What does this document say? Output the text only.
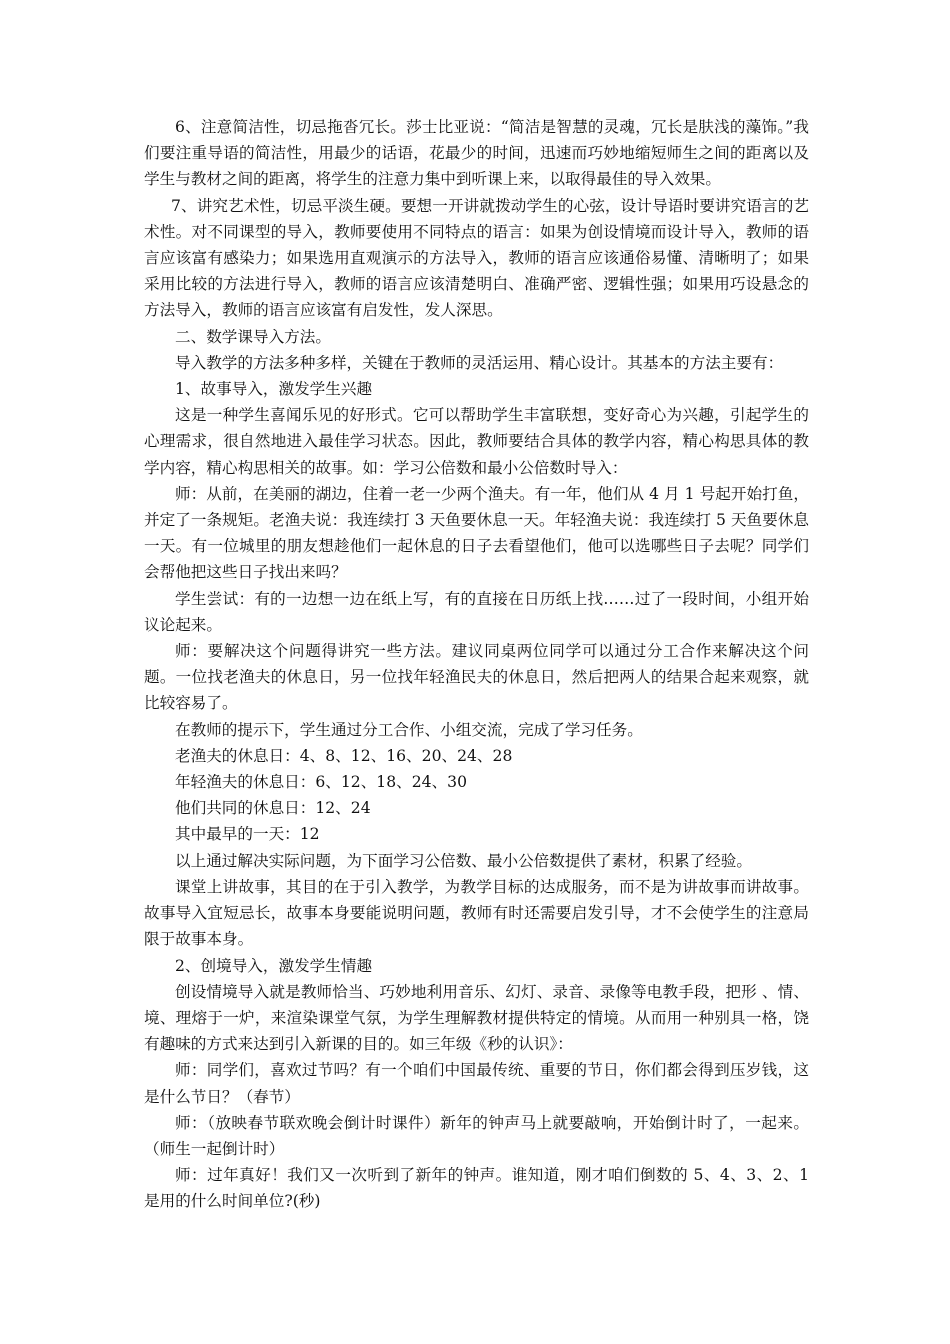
6、注意简洁性，切忌拖沓冗长。莎士比亚说：“简洁是智慧的灵魂，冗长是肤浅的藻饰。”我们要注重导语的简洁性，用最少的话语，花最少的时间，迅速而巧妙地缩短师生之间的距离以及学生与教材之间的距离，将学生的注意力集中到听课上来，以取得最佳的导入效果。

7、讲究艺术性，切忌平淡生硬。要想一开讲就拨动学生的心弦，设计导语时要讲究语言的艺术性。对不同课型的导入，教师要使用不同特点的语言：如果为创设情境而设计导入，教师的语言应该富有感染力；如果选用直观演示的方法导入，教师的语言应该通俗易懂、清晰明了；如果采用比较的方法进行导入，教师的语言应该清楚明白、准确严密、逻辑性强；如果用巧设悬念的方法导入，教师的语言应该富有启发性，发人深思。

二、数学课导入方法。

导入教学的方法多种多样，关键在于教师的灵活运用、精心设计。其基本的方法主要有：

1、故事导入，激发学生兴趣

这是一种学生喜闻乐见的好形式。它可以帮助学生丰富联想，变好奇心为兴趣，引起学生的心理需求，很自然地进入最佳学习状态。因此，教师要结合具体的教学内容，精心构思具体的教学内容，精心构思相关的故事。如：学习公倍数和最小公倍数时导入：

师：从前，在美丽的湖边，住着一老一少两个渔夫。有一年，他们从 4 月 1 号起开始打鱼，并定了一条规矩。老渔夫说：我连续打 3 天鱼要休息一天。年轻渔夫说：我连续打 5 天鱼要休息一天。有一位城里的朋友想趁他们一起休息的日子去看望他们，他可以选哪些日子去呢？同学们会帮他把这些日子找出来吗？

学生尝试：有的一边想一边在纸上写，有的直接在日历纸上找……过了一段时间，小组开始议论起来。

师：要解决这个问题得讲究一些方法。建议同桌两位同学可以通过分工合作来解决这个问题。一位找老渔夫的休息日，另一位找年轻渔民夫的休息日，然后把两人的结果合起来观察，就比较容易了。

在教师的提示下，学生通过分工合作、小组交流，完成了学习任务。

老渔夫的休息日：4、8、12、16、20、24、28

年轻渔夫的休息日：6、12、18、24、30

他们共同的休息日：12、24

其中最早的一天：12

以上通过解决实际问题，为下面学习公倍数、最小公倍数提供了素材，积累了经验。

课堂上讲故事，其目的在于引入教学，为教学目标的达成服务，而不是为讲故事而讲故事。故事导入宜短忌长，故事本身要能说明问题，教师有时还需要启发引导，才不会使学生的注意局限于故事本身。

2、创境导入，激发学生情趣

创设情境导入就是教师恰当、巧妙地利用音乐、幻灯、录音、录像等电教手段，把形 、情、境、理熔于一炉，来渲染课堂气氛，为学生理解教材提供特定的情境。从而用一种别具一格，饶有趣味的方式来达到引入新课的目的。如三年级《秒的认识》：

师：同学们，喜欢过节吗？有一个咱们中国最传统、重要的节日，你们都会得到压岁钱，这是什么节日？（春节）

师：（放映春节联欢晚会倒计时课件）新年的钟声马上就要敲响，开始倒计时了，一起来。（师生一起倒计时）

师：过年真好！我们又一次听到了新年的钟声。谁知道，刚才咱们倒数的 5、4、3、2、1 是用的什么时间单位?(秒)
